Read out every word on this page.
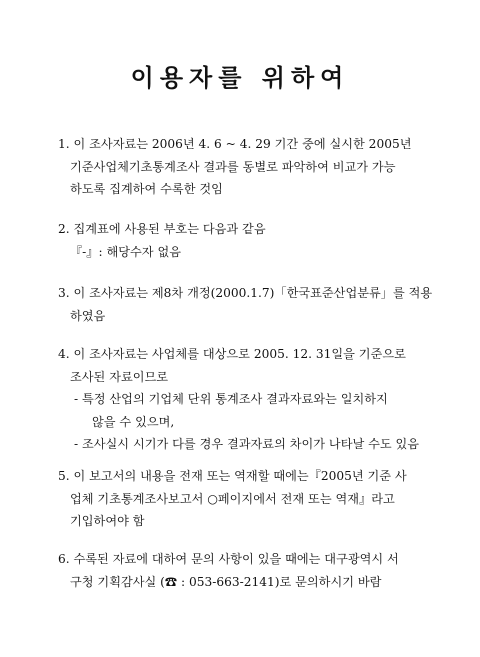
이용자를 위하여
1. 이 조사자료는 2006년 4. 6 ~ 4. 29 기간 중에 실시한 2005년
기준사업체기초통계조사 결과를 동별로 파악하여 비교가 가능
하도록 집계하여 수록한 것임
2. 집계표에 사용된 부호는 다음과 같음
『-』: 해당수자 없음
3. 이 조사자료는 제8차 개정(2000.1.7)「한국표준산업분류」를 적용
하였음
4. 이 조사자료는 사업체를 대상으로 2005. 12. 31일을 기준으로
조사된 자료이므로
- 특정 산업의 기업체 단위 통계조사 결과자료와는 일치하지
않을 수 있으며,
- 조사실시 시기가 다를 경우 결과자료의 차이가 나타날 수도 있음
5. 이 보고서의 내용을 전재 또는 역재할 때에는『2005년 기준 사
업체 기초통계조사보고서 ○페이지에서 전재 또는 역재』라고
기입하여야 함
6. 수록된 자료에 대하여 문의 사항이 있을 때에는 대구광역시 서
구청 기획감사실 (☎ : 053-663-2141)로 문의하시기 바람
